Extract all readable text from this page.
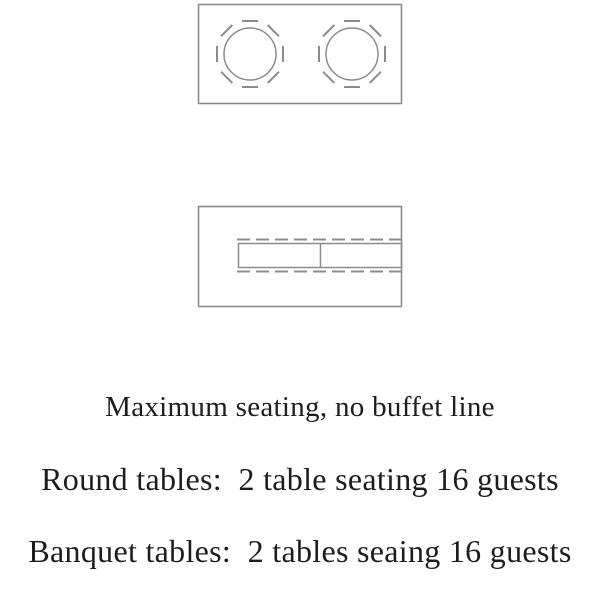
Maximum seating, no buffet line
Round tables:  2 table seating 16 guests
Banquet tables:  2 tables seaing 16 guests
